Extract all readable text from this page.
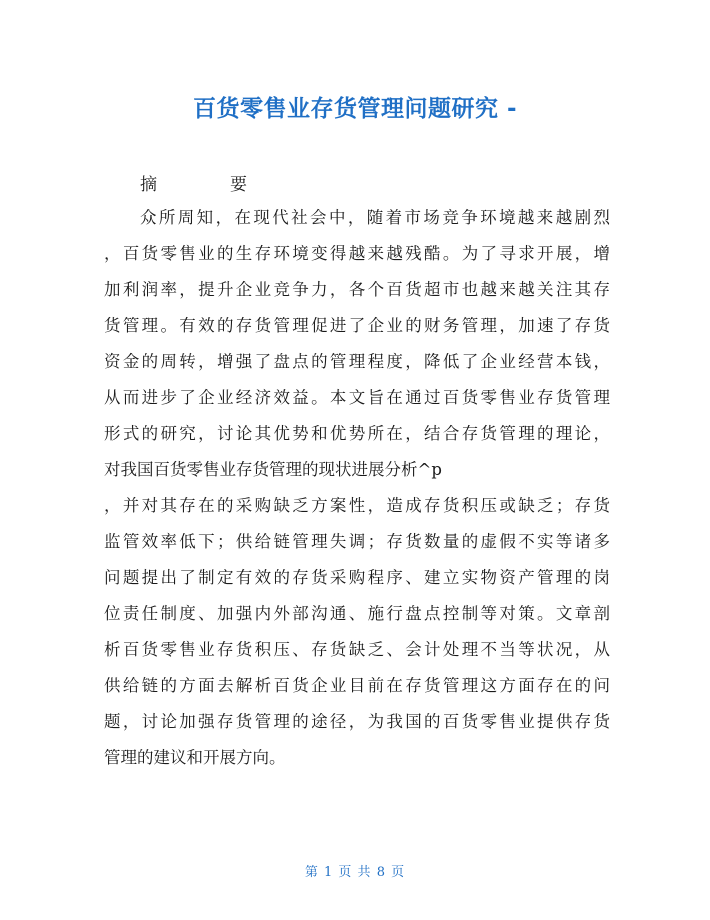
百货零售业存货管理问题研究 -
摘　要
众所周知，在现代社会中，随着市场竞争环境越来越剧烈
，百货零售业的生存环境变得越来越残酷。为了寻求开展，增
加利润率，提升企业竞争力，各个百货超市也越来越关注其存
货管理。有效的存货管理促进了企业的财务管理，加速了存货
资金的周转，增强了盘点的管理程度，降低了企业经营本钱，
从而进步了企业经济效益。本文旨在通过百货零售业存货管理
形式的研究，讨论其优势和优势所在，结合存货管理的理论，
对我国百货零售业存货管理的现状进展分析^p
，并对其存在的采购缺乏方案性，造成存货积压或缺乏；存货
监管效率低下；供给链管理失调；存货数量的虚假不实等诸多
问题提出了制定有效的存货采购程序、建立实物资产管理的岗
位责任制度、加强内外部沟通、施行盘点控制等对策。文章剖
析百货零售业存货积压、存货缺乏、会计处理不当等状况，从
供给链的方面去解析百货企业目前在存货管理这方面存在的问
题，讨论加强存货管理的途径，为我国的百货零售业提供存货
管理的建议和开展方向。
第 1 页 共 8 页
